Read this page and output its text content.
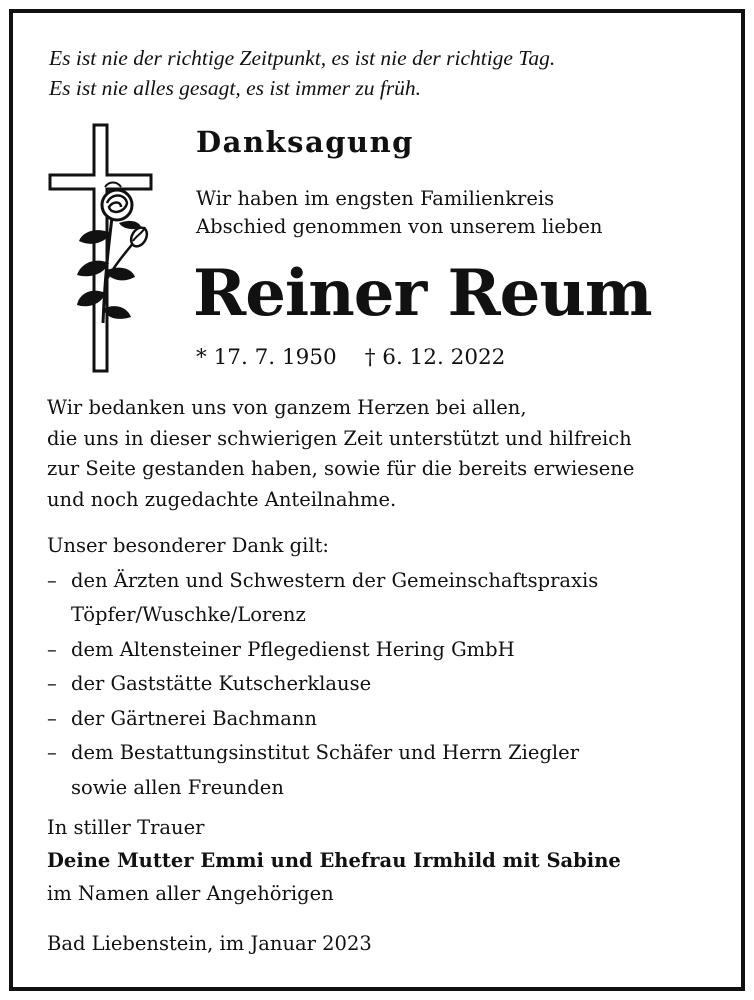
Es ist nie der richtige Zeitpunkt, es ist nie der richtige Tag.
Es ist nie alles gesagt, es ist immer zu früh.
Danksagung
Wir haben im engsten Familienkreis
Abschied genommen von unserem lieben
Reiner Reum
* 17. 7. 1950 † 6. 12. 2022
Wir bedanken uns von ganzem Herzen bei allen,
die uns in dieser schwierigen Zeit unterstützt und hilfreich
zur Seite gestanden haben, sowie für die bereits erwiesene
und noch zugedachte Anteilnahme.
Unser besonderer Dank gilt:
– den Ärzten und Schwestern der Gemeinschaftspraxis
Töpfer/Wuschke/Lorenz
– dem Altensteiner Pflegedienst Hering GmbH
– der Gaststätte Kutscherklause
– der Gärtnerei Bachmann
– dem Bestattungsinstitut Schäfer und Herrn Ziegler
sowie allen Freunden
In stiller Trauer
Deine Mutter Emmi und Ehefrau Irmhild mit Sabine
im Namen aller Angehörigen
Bad Liebenstein, im Januar 2023
